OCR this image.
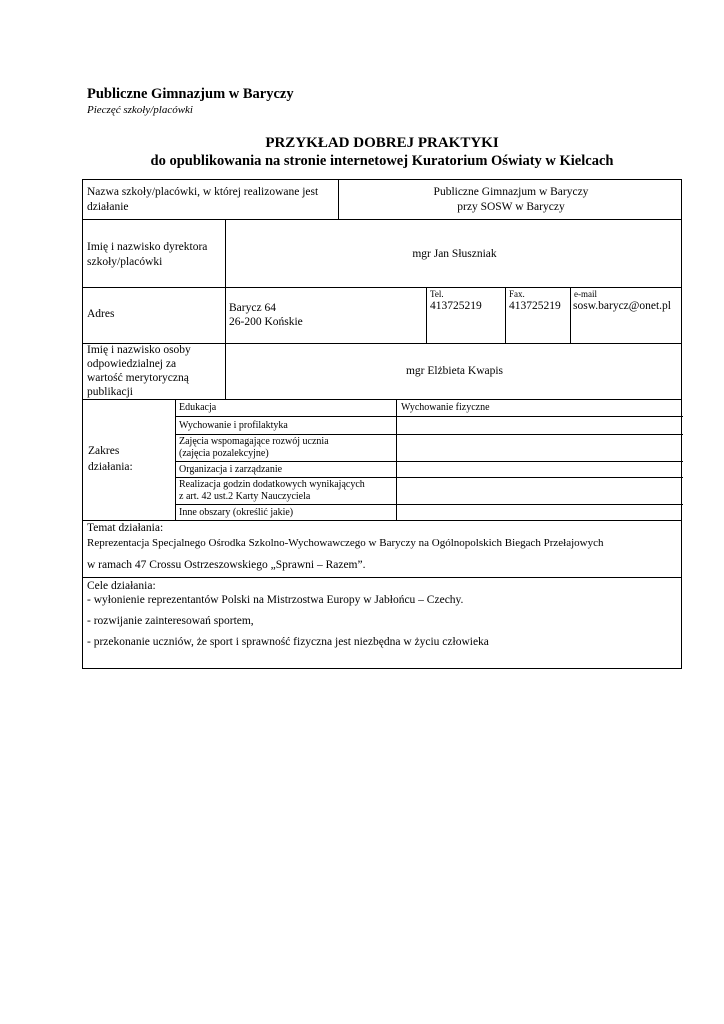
Publiczne Gimnazjum w Baryczy
Pieczęć szkoły/placówki
PRZYKŁAD DOBREJ PRAKTYKI
do opublikowania na stronie internetowej Kuratorium Oświaty w Kielcach
Nazwa szkoły/placówki, w której realizowane jest
działanie
Publiczne Gimnazjum w Baryczy
przy SOSW w Baryczy
Imię i nazwisko dyrektora
szkoły/placówki
mgr Jan Słuszniak
Adres	Barycz 64
26-200 Końskie
Tel.
413725219
Fax.
413725219
e-mail
sosw.barycz@onet.pl
Imię i nazwisko osoby
odpowiedzialnej za
wartość merytoryczną
publikacji
mgr Elżbieta Kwapis
Zakres
działania:
Edukacja	Wychowanie fizyczne
Wychowanie i profilaktyka
Zajęcia wspomagające rozwój ucznia
(zajęcia pozalekcyjne)
Organizacja i zarządzanie
Realizacja godzin dodatkowych wynikających
z art. 42 ust.2 Karty Nauczyciela
Inne obszary (określić jakie)
Temat działania:
Reprezentacja Specjalnego Ośrodka Szkolno-Wychowawczego w Baryczy na Ogólnopolskich Biegach Przełajowych
w ramach 47 Crossu Ostrzeszowskiego „Sprawni – Razem”.
Cele działania:
- wyłonienie reprezentantów Polski na Mistrzostwa Europy w Jabłońcu – Czechy.
- rozwijanie zainteresowań sportem,
- przekonanie uczniów, że sport i sprawność fizyczna jest niezbędna w życiu człowieka
